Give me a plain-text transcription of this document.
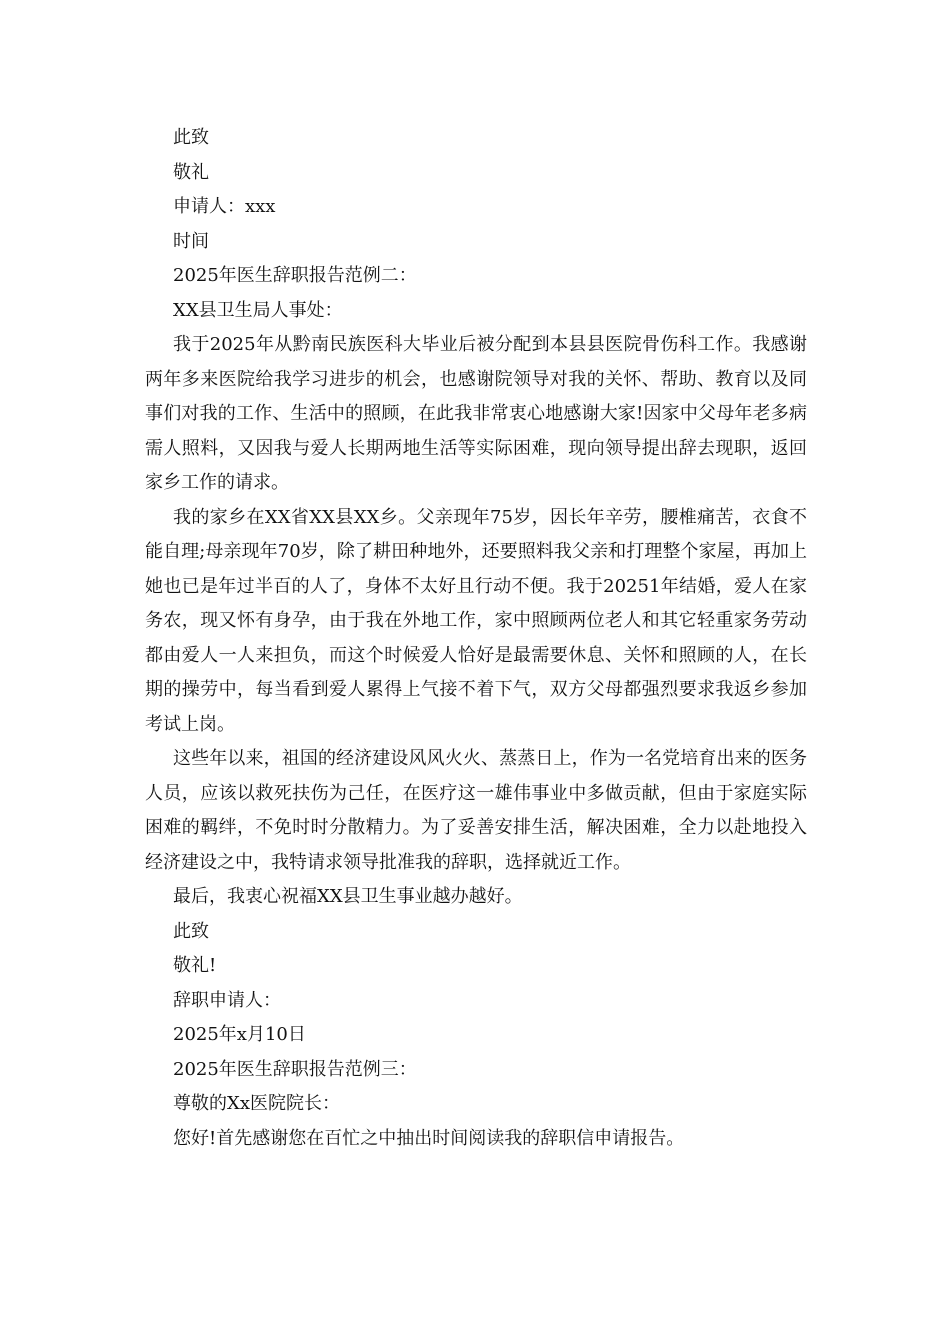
此致
敬礼
申请人：xxx
时间
2025年医生辞职报告范例二：
XX县卫生局人事处：

我于2025年从黔南民族医科大毕业后被分配到本县县医院骨伤科工作。我感谢两年多来医院给我学习进步的机会，也感谢院领导对我的关怀、帮助、教育以及同事们对我的工作、生活中的照顾，在此我非常衷心地感谢大家!因家中父母年老多病需人照料，又因我与爱人长期两地生活等实际困难，现向领导提出辞去现职，返回家乡工作的请求。

我的家乡在XX省XX县XX乡。父亲现年75岁，因长年辛劳，腰椎痛苦，衣食不能自理;母亲现年70岁，除了耕田种地外，还要照料我父亲和打理整个家屋，再加上她也已是年过半百的人了，身体不太好且行动不便。我于20251年结婚，爱人在家务农，现又怀有身孕，由于我在外地工作，家中照顾两位老人和其它轻重家务劳动都由爱人一人来担负，而这个时候爱人恰好是最需要休息、关怀和照顾的人，在长期的操劳中，每当看到爱人累得上气接不着下气，双方父母都强烈要求我返乡参加考试上岗。

这些年以来，祖国的经济建设风风火火、蒸蒸日上，作为一名党培育出来的医务人员，应该以救死扶伤为己任，在医疗这一雄伟事业中多做贡献，但由于家庭实际困难的羁绊，不免时时分散精力。为了妥善安排生活，解决困难，全力以赴地投入经济建设之中，我特请求领导批准我的辞职，选择就近工作。

最后，我衷心祝福XX县卫生事业越办越好。
此致
敬礼!
辞职申请人：
2025年x月10日
2025年医生辞职报告范例三：
尊敬的Xx医院院长：
您好!首先感谢您在百忙之中抽出时间阅读我的辞职信申请报告。
